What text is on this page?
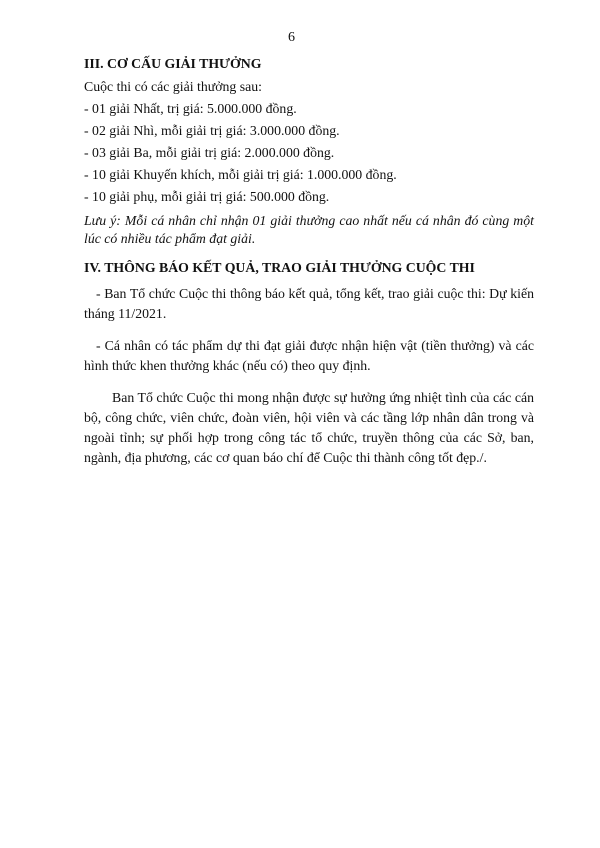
6

III. CƠ CẤU GIẢI THƯỞNG

Cuộc thi có các giải thưởng sau:

- 01 giải Nhất, trị giá: 5.000.000 đồng.

- 02 giải Nhì, mỗi giải trị giá: 3.000.000 đồng.

- 03 giải Ba, mỗi giải trị giá: 2.000.000 đồng.

- 10 giải Khuyến khích, mỗi giải trị giá: 1.000.000 đồng.

- 10 giải phụ, mỗi giải trị giá: 500.000 đồng.

Lưu ý: Mỗi cá nhân chỉ nhận 01 giải thưởng cao nhất nếu cá nhân đó cùng một lúc có nhiều tác phẩm đạt giải.

IV. THÔNG BÁO KẾT QUẢ, TRAO GIẢI THƯỞNG CUỘC THI

- Ban Tổ chức Cuộc thi thông báo kết quả, tổng kết, trao giải cuộc thi: Dự kiến tháng 11/2021.

- Cá nhân có tác phẩm dự thi đạt giải được nhận hiện vật (tiền thưởng) và các hình thức khen thưởng khác (nếu có) theo quy định.

Ban Tổ chức Cuộc thi mong nhận được sự hưởng ứng nhiệt tình của các cán bộ, công chức, viên chức, đoàn viên, hội viên và các tầng lớp nhân dân trong và ngoài tỉnh; sự phối hợp trong công tác tổ chức, truyền thông của các Sở, ban, ngành, địa phương, các cơ quan báo chí để Cuộc thi thành công tốt đẹp./.
